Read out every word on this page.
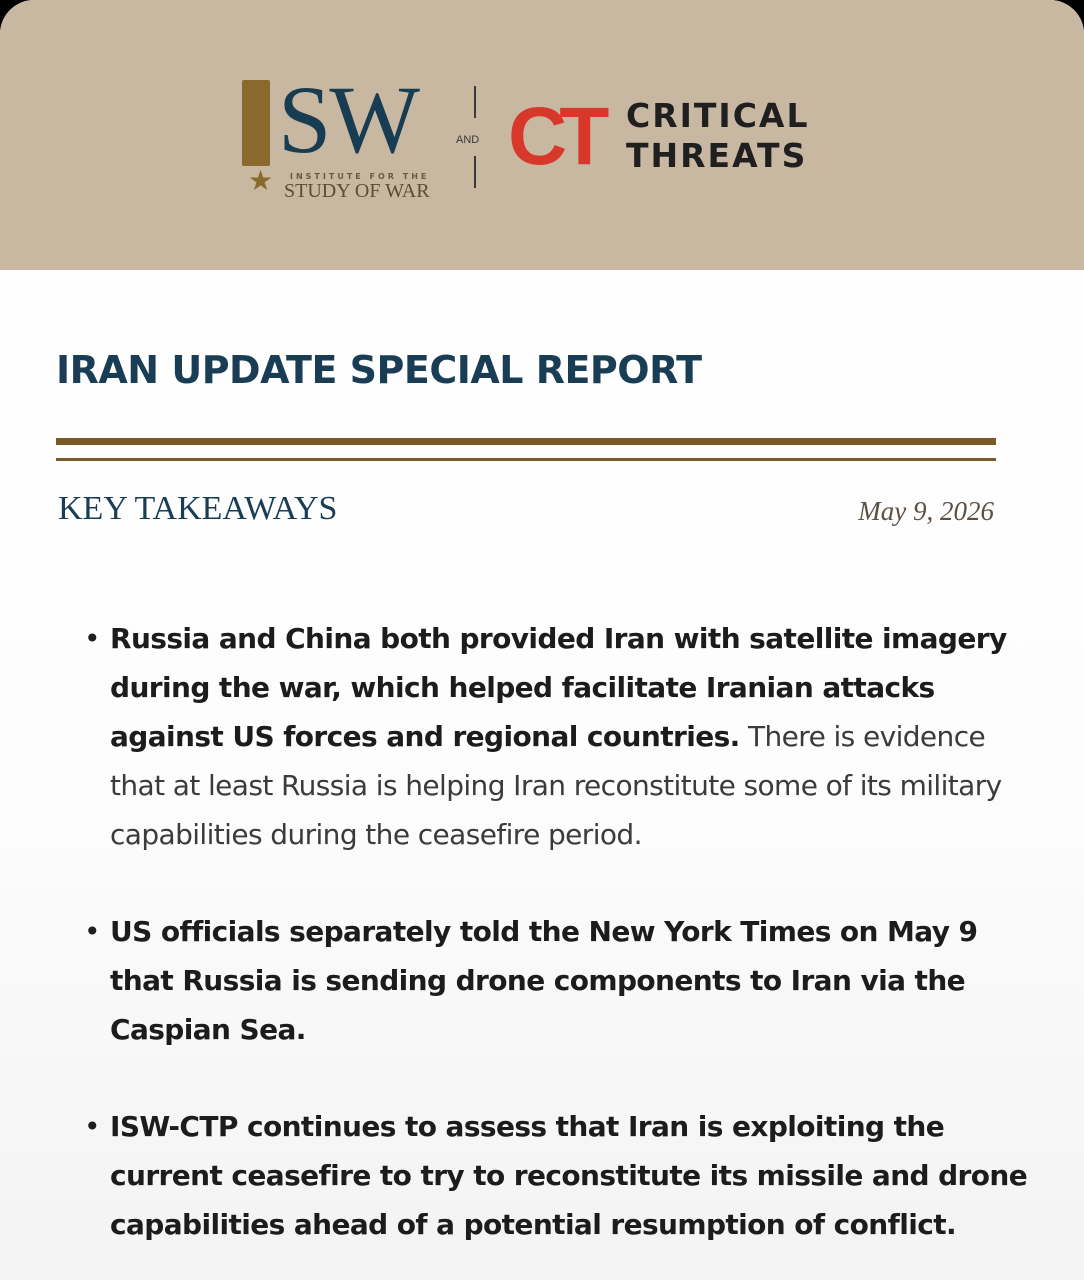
SW
★ INSTITUTE FOR THE
STUDY OF WAR
AND CT CRITICAL
THREATS
IRAN UPDATE SPECIAL REPORT
KEY TAKEAWAYS	May 9, 2026
• Russia and China both provided Iran with satellite imagery during the war, which helped facilitate Iranian attacks against US forces and regional countries. There is evidence that at least Russia is helping Iran reconstitute some of its military capabilities during the ceasefire period.
• US officials separately told the New York Times on May 9 that Russia is sending drone components to Iran via the Caspian Sea.
• ISW-CTP continues to assess that Iran is exploiting the current ceasefire to try to reconstitute its missile and drone capabilities ahead of a potential resumption of conflict.
